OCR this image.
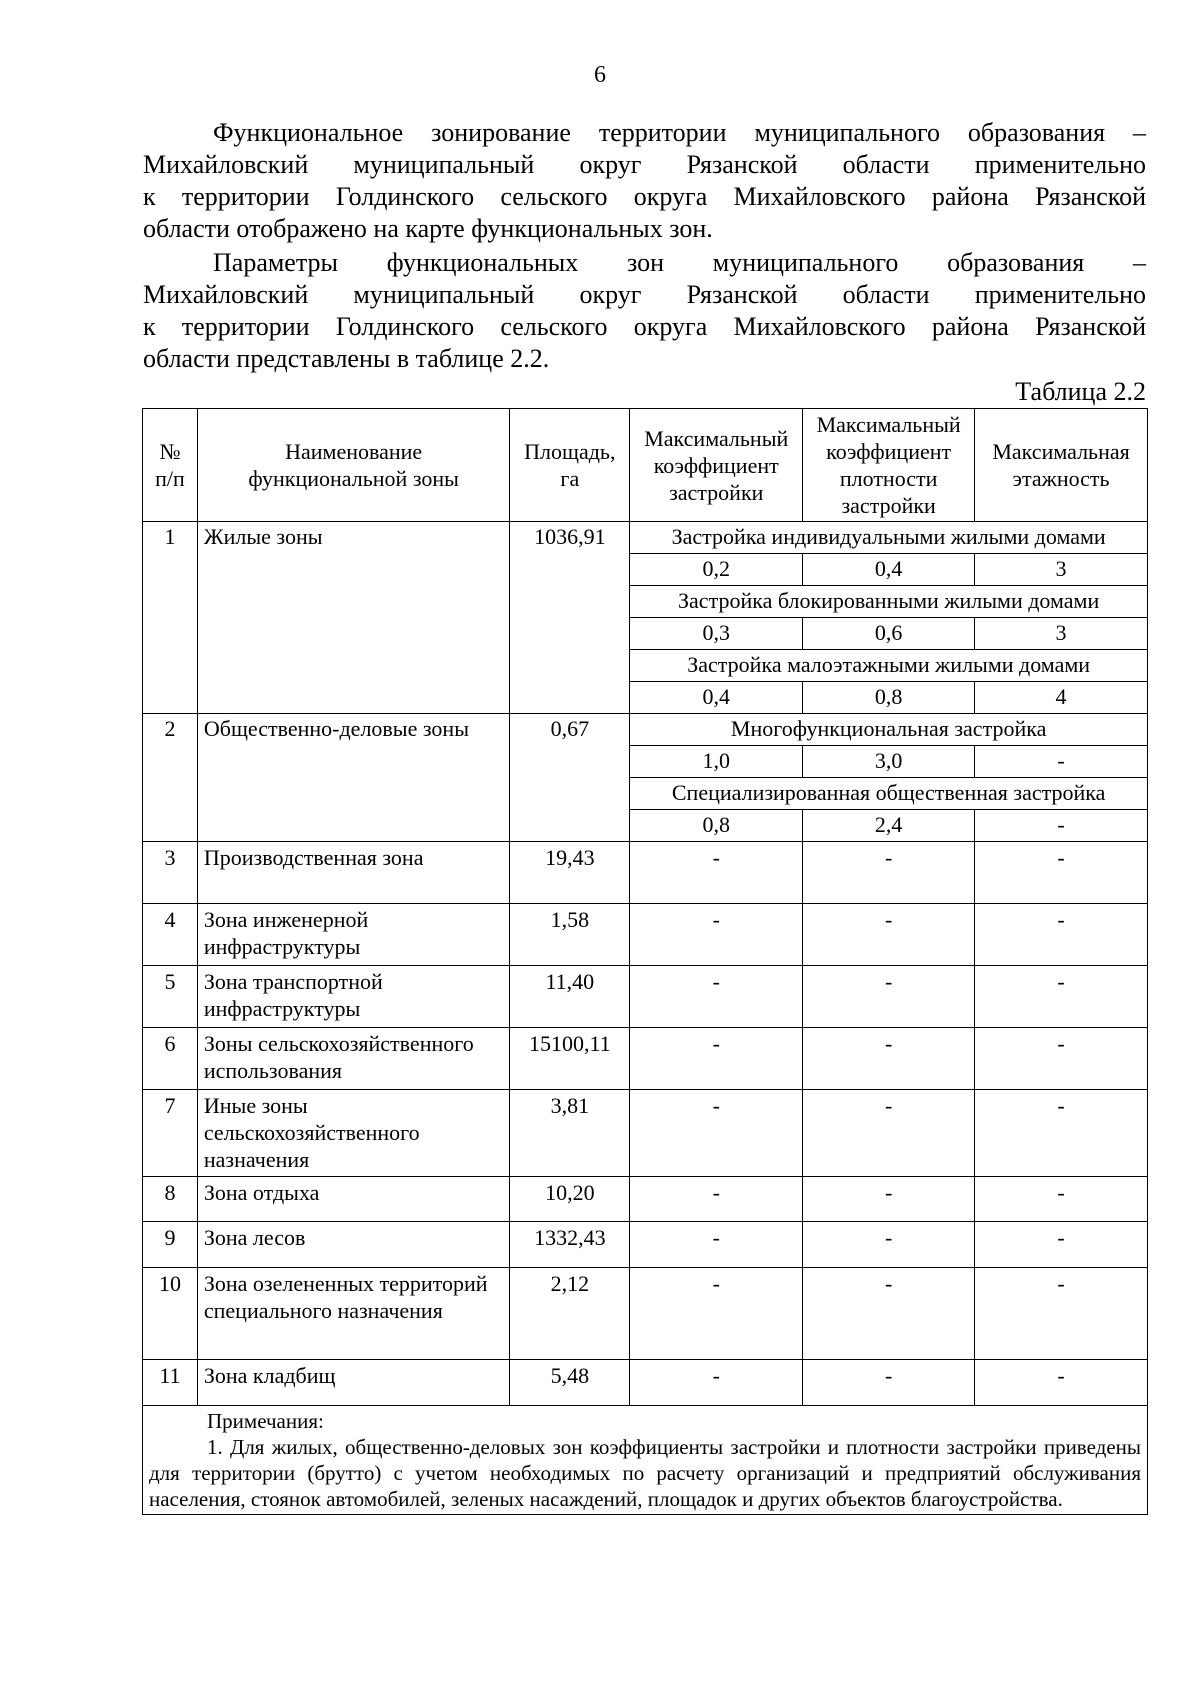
6
Функциональное зонирование территории муниципального образования –
Михайловский муниципальный округ Рязанской области применительно
к территории Голдинского сельского округа Михайловского района Рязанской
области отображено на карте функциональных зон.
Параметры функциональных зон муниципального образования –
Михайловский муниципальный округ Рязанской области применительно
к территории Голдинского сельского округа Михайловского района Рязанской
области представлены в таблице 2.2.
Таблица 2.2
№ п/п	Наименование функциональной зоны	Площадь, га	Максимальный коэффициент застройки	Максимальный коэффициент плотности застройки	Максимальная этажность
1	Жилые зоны	1036,91	Застройка индивидуальными жилыми домами		
			0,2	0,4	3
			Застройка блокированными жилыми домами		
			0,3	0,6	3
			Застройка малоэтажными жилыми домами		
			0,4	0,8	4
2	Общественно-деловые зоны	0,67	Многофункциональная застройка		
			1,0	3,0	-
			Специализированная общественная застройка		
			0,8	2,4	-
3	Производственная зона	19,43	-	-	-
4	Зона инженерной инфраструктуры	1,58	-	-	-
5	Зона транспортной инфраструктуры	11,40	-	-	-
6	Зоны сельскохозяйственного использования	15100,11	-	-	-
7	Иные зоны сельскохозяйственного назначения	3,81	-	-	-
8	Зона отдыха	10,20	-	-	-
9	Зона лесов	1332,43	-	-	-
10	Зона озелененных территорий специального назначения	2,12	-	-	-
11	Зона кладбищ	5,48	-	-	-

Примечания:
1. Для жилых, общественно-деловых зон коэффициенты застройки и плотности застройки приведены для территории (брутто) с учетом необходимых по расчету организаций и предприятий обслуживания населения, стоянок автомобилей, зеленых насаждений, площадок и других объектов благоустройства.					
